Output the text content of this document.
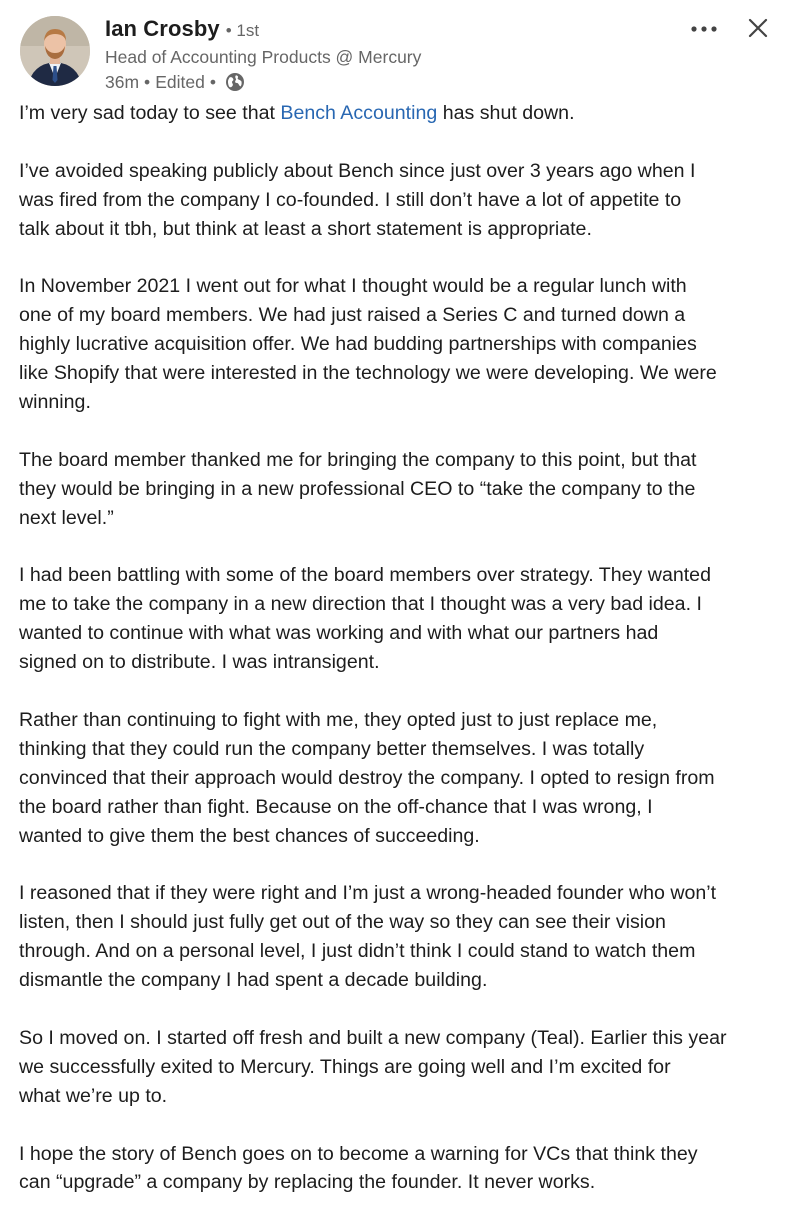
Ian Crosby • 1st
Head of Accounting Products @ Mercury
36m • Edited •

I’m very sad today to see that Bench Accounting has shut down.

I’ve avoided speaking publicly about Bench since just over 3 years ago when I
was fired from the company I co-founded. I still don’t have a lot of appetite to
talk about it tbh, but think at least a short statement is appropriate.

In November 2021 I went out for what I thought would be a regular lunch with
one of my board members. We had just raised a Series C and turned down a
highly lucrative acquisition offer. We had budding partnerships with companies
like Shopify that were interested in the technology we were developing. We were
winning.

The board member thanked me for bringing the company to this point, but that
they would be bringing in a new professional CEO to “take the company to the
next level.”

I had been battling with some of the board members over strategy. They wanted
me to take the company in a new direction that I thought was a very bad idea. I
wanted to continue with what was working and with what our partners had
signed on to distribute. I was intransigent.

Rather than continuing to fight with me, they opted just to just replace me,
thinking that they could run the company better themselves. I was totally
convinced that their approach would destroy the company. I opted to resign from
the board rather than fight. Because on the off-chance that I was wrong, I
wanted to give them the best chances of succeeding.

I reasoned that if they were right and I’m just a wrong-headed founder who won’t
listen, then I should just fully get out of the way so they can see their vision
through. And on a personal level, I just didn’t think I could stand to watch them
dismantle the company I had spent a decade building.

So I moved on. I started off fresh and built a new company (Teal). Earlier this year
we successfully exited to Mercury. Things are going well and I’m excited for
what we’re up to.

I hope the story of Bench goes on to become a warning for VCs that think they
can “upgrade” a company by replacing the founder. It never works.
